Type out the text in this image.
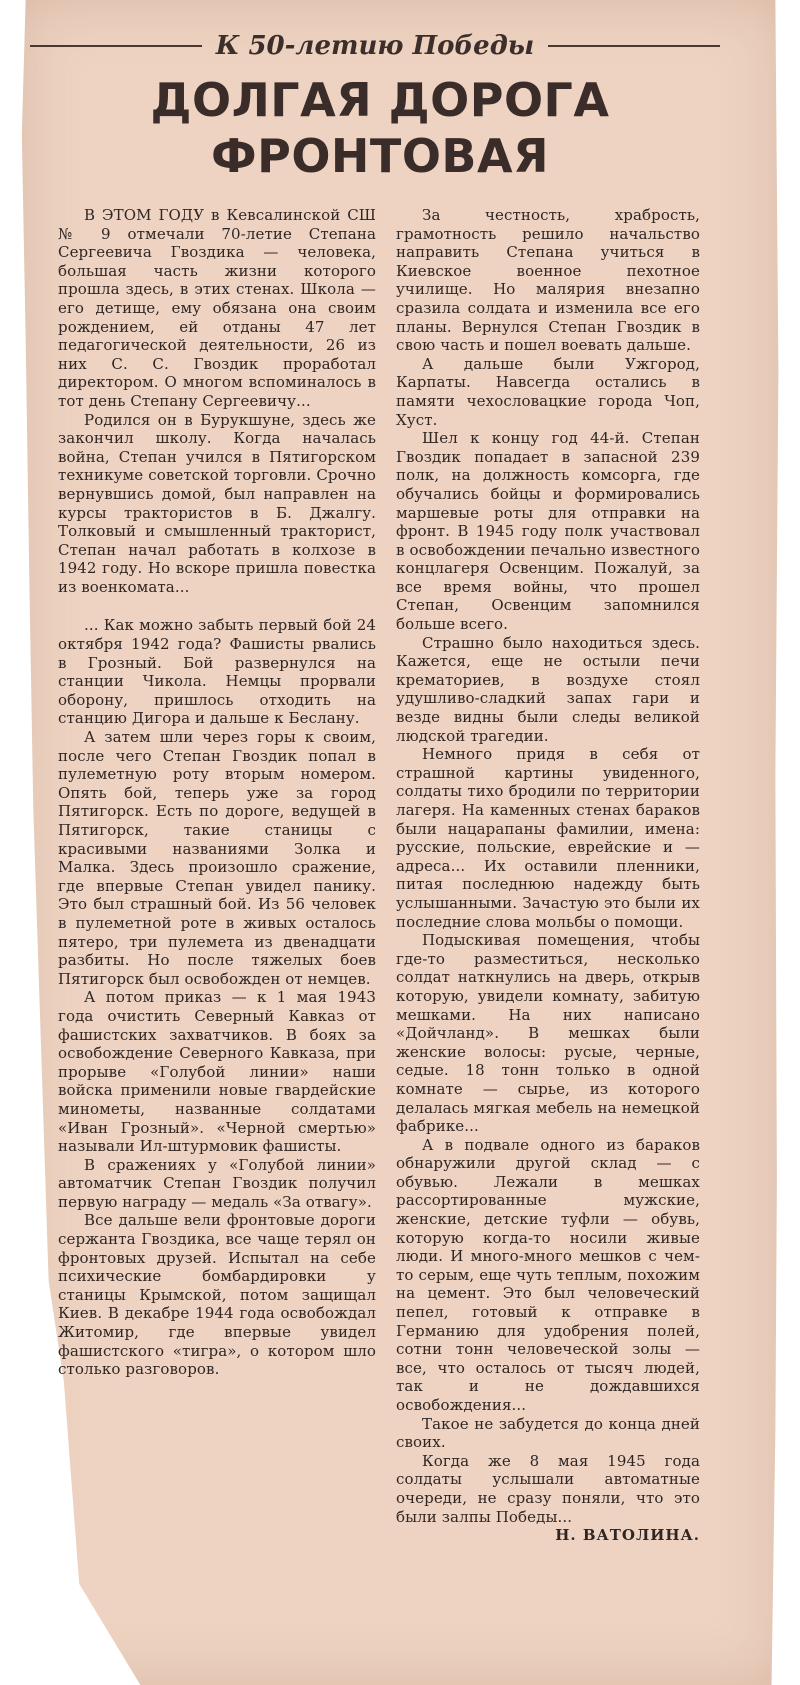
К 50-летию Победы
ДОЛГАЯ ДОРОГА
ФРОНТОВАЯ

В ЭТОМ ГОДУ в Кевсалинской СШ № 9 отмечали 70-летие Степана Сергеевича Гвоздика — человека, большая часть жизни которого прошла здесь, в этих стенах. Школа — его детище, ему обязана она своим рождением, ей отданы 47 лет педагогической деятельности, 26 из них С. С. Гвоздик проработал директором. О многом вспоминалось в тот день Степану Сергеевичу...

Родился он в Бурукшуне, здесь же закончил школу. Когда началась война, Степан учился в Пятигорском техникуме советской торговли. Срочно вернувшись домой, был направлен на курсы трактористов в Б. Джалгу. Толковый и смышленный тракторист, Степан начал работать в колхозе в 1942 году. Но вскоре пришла повестка из военкомата...

... Как можно забыть первый бой 24 октября 1942 года? Фашисты рвались в Грозный. Бой развернулся на станции Чикола. Немцы прорвали оборону, пришлось отходить на станцию Дигора и дальше к Беслану.

А затем шли через горы к своим, после чего Степан Гвоздик попал в пулеметную роту вторым номером. Опять бой, теперь уже за город Пятигорск. Есть по дороге, ведущей в Пятигорск, такие станицы с красивыми названиями Золка и Малка. Здесь произошло сражение, где впервые Степан увидел панику. Это был страшный бой. Из 56 человек в пулеметной роте в живых осталось пятеро, три пулемета из двенадцати разбиты. Но после тяжелых боев Пятигорск был освобожден от немцев.

А потом приказ — к 1 мая 1943 года очистить Северный Кавказ от фашистских захватчиков. В боях за освобождение Северного Кавказа, при прорыве «Голубой линии» наши войска применили новые гвардейские минометы, названные солдатами «Иван Грозный». «Черной смертью» называли Ил-штурмовик фашисты.

В сражениях у «Голубой линии» автоматчик Степан Гвоздик получил первую награду — медаль «За отвагу».

Все дальше вели фронтовые дороги сержанта Гвоздика, все чаще терял он фронтовых друзей. Испытал на себе психические бомбардировки у станицы Крымской, потом защищал Киев. В декабре 1944 года освобождал Житомир, где впервые увидел фашистского «тигра», о котором шло столько разговоров.

За честность, храбрость, грамотность решило начальство направить Степана учиться в Киевское военное пехотное училище. Но малярия внезапно сразила солдата и изменила все его планы. Вернулся Степан Гвоздик в свою часть и пошел воевать дальше.

А дальше были Ужгород, Карпаты. Навсегда остались в памяти чехословацкие города Чоп, Хуст.

Шел к концу год 44-й. Степан Гвоздик попадает в запасной 239 полк, на должность комсорга, где обучались бойцы и формировались маршевые роты для отправки на фронт. В 1945 году полк участвовал в освобождении печально известного концлагеря Освенцим. Пожалуй, за все время войны, что прошел Степан, Освенцим запомнился больше всего.

Страшно было находиться здесь. Кажется, еще не остыли печи крематориев, в воздухе стоял удушливо-сладкий запах гари и везде видны были следы великой людской трагедии.

Немного придя в себя от страшной картины увиденного, солдаты тихо бродили по территории лагеря. На каменных стенах бараков были нацарапаны фамилии, имена: русские, польские, еврейские и — адреса... Их оставили пленники, питая последнюю надежду быть услышанными. Зачастую это были их последние слова мольбы о помощи.

Подыскивая помещения, чтобы где-то разместиться, несколько солдат наткнулись на дверь, открыв которую, увидели комнату, забитую мешками. На них написано «Дойчланд». В мешках были женские волосы: русые, черные, седые. 18 тонн только в одной комнате — сырье, из которого делалась мягкая мебель на немецкой фабрике...

А в подвале одного из бараков обнаружили другой склад — с обувью. Лежали в мешках рассортированные мужские, женские, детские туфли — обувь, которую когда-то носили живые люди. И много-много мешков с чем-то серым, еще чуть теплым, похожим на цемент. Это был человеческий пепел, готовый к отправке в Германию для удобрения полей, сотни тонн человеческой золы — все, что осталось от тысяч людей, так и не дождавшихся освобождения...

Такое не забудется до конца дней своих.

Когда же 8 мая 1945 года солдаты услышали автоматные очереди, не сразу поняли, что это были залпы Победы...

Н. ВАТОЛИНА.
